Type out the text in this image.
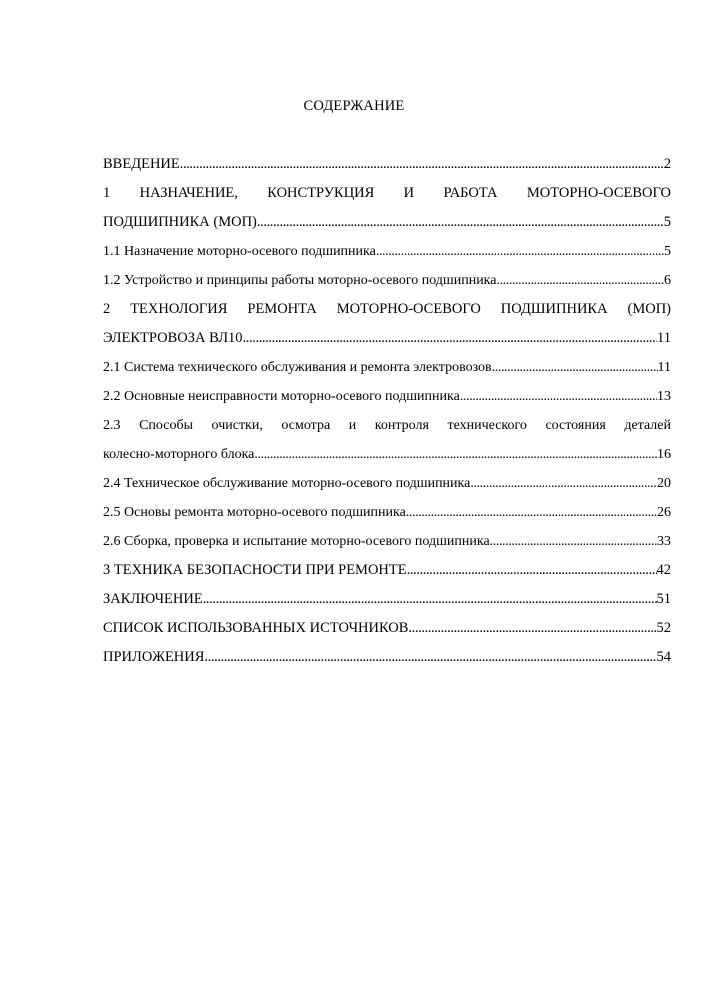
СОДЕРЖАНИЕ
ВВЕДЕНИЕ .....	2
1 НАЗНАЧЕНИЕ, КОНСТРУКЦИЯ И РАБОТА МОТОРНО-ОСЕВОГО
ПОДШИПНИКА (МОП) .....	5
1.1 Назначение моторно-осевого подшипника .....	5
1.2 Устройство и принципы работы моторно-осевого подшипника .....	6
2 ТЕХНОЛОГИЯ РЕМОНТА МОТОРНО-ОСЕВОГО ПОДШИПНИКА (МОП)
ЭЛЕКТРОВОЗА ВЛ10 .....	11
2.1 Система технического обслуживания и ремонта электровозов .....	11
2.2 Основные неисправности моторно-осевого подшипника .....	13
2.3 Способы очистки, осмотра и контроля технического состояния деталей
колесно-моторного блока .....	16
2.4 Техническое обслуживание моторно-осевого подшипника .....	20
2.5 Основы ремонта моторно-осевого подшипника .....	26
2.6 Сборка, проверка и испытание моторно-осевого подшипника .....	33
3 ТЕХНИКА БЕЗОПАСНОСТИ ПРИ РЕМОНТЕ .....	42
ЗАКЛЮЧЕНИЕ .....	51
СПИСОК ИСПОЛЬЗОВАННЫХ ИСТОЧНИКОВ .....	52
ПРИЛОЖЕНИЯ .....	54
